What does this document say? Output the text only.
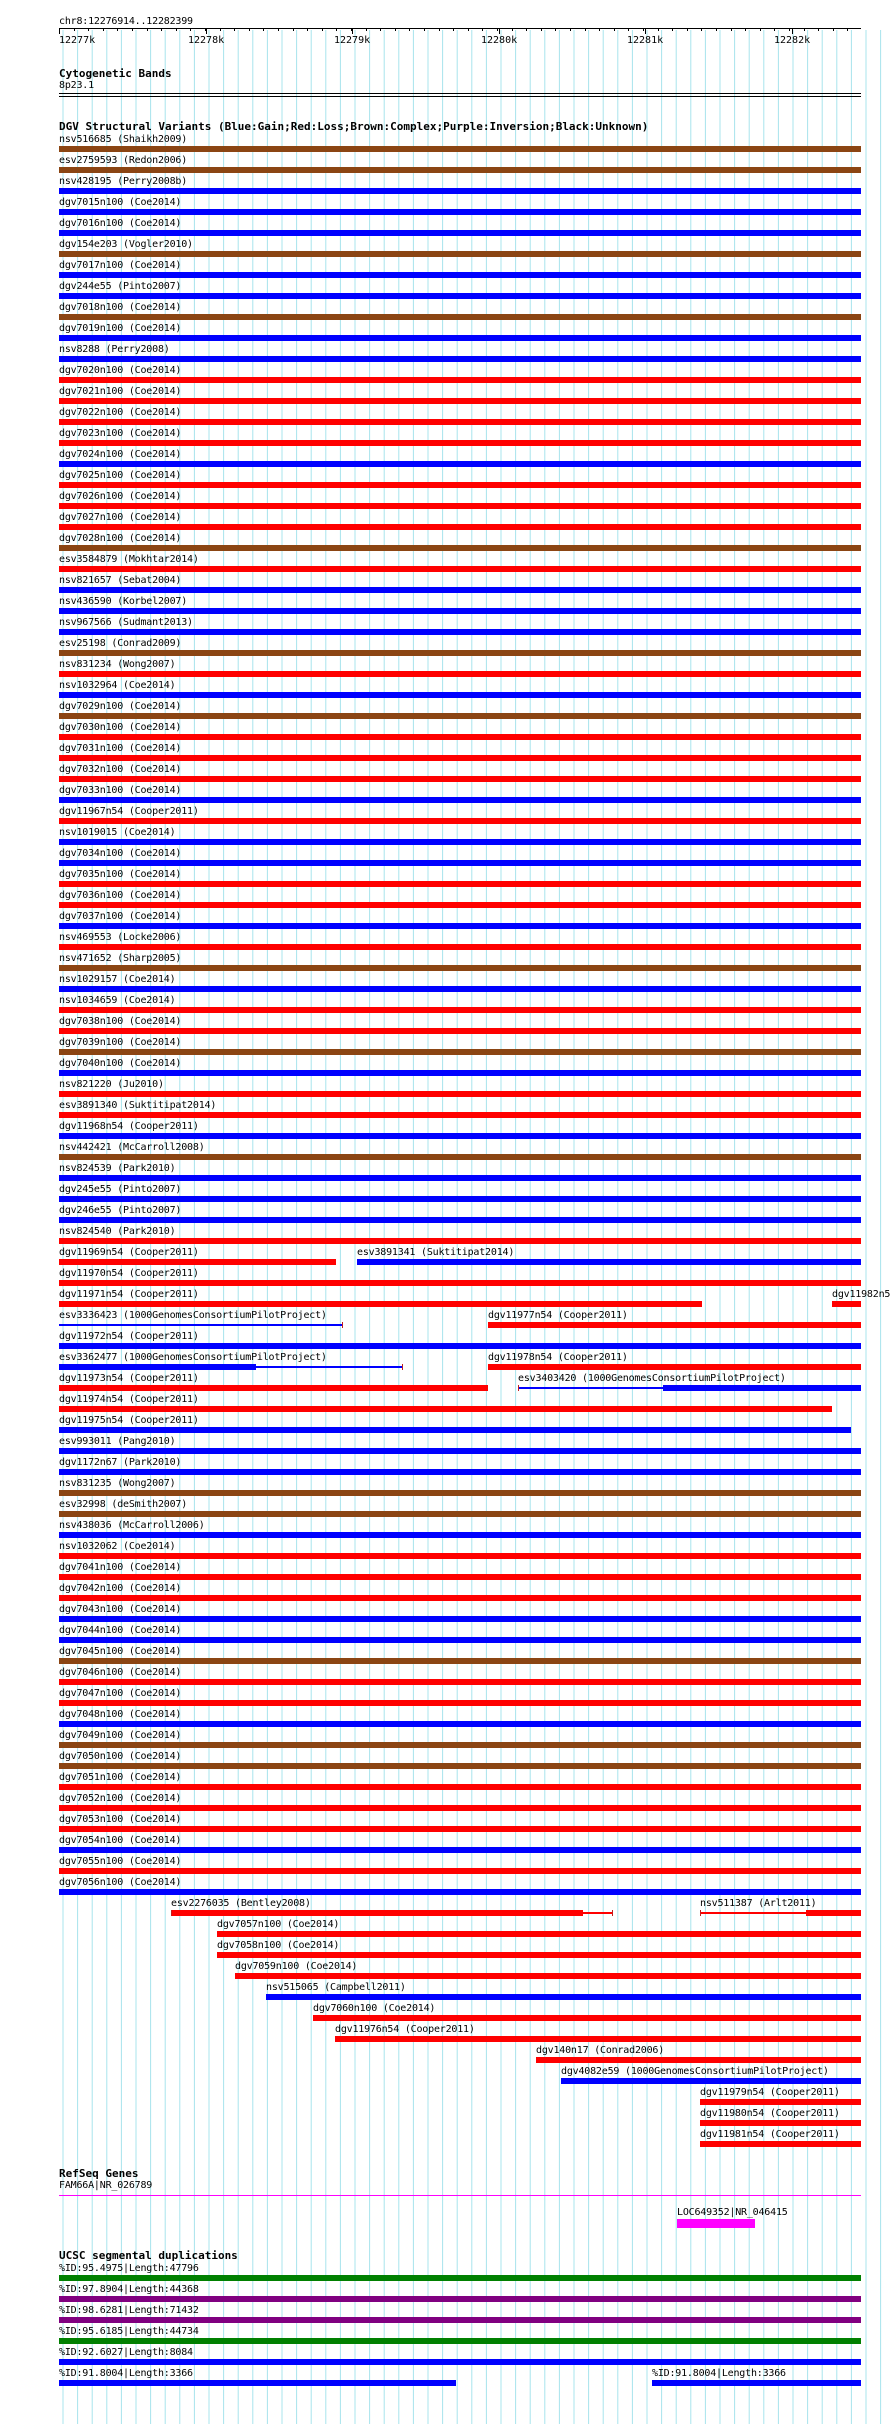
chr8:12276914..12282399
12277k	12278k	12279k	12280k	12281k	12282k
Cytogenetic Bands
8p23.1
DGV Structural Variants (Blue:Gain;Red:Loss;Brown:Complex;Purple:Inversion;Black:Unknown)
nsv516685 (Shaikh2009)
esv2759593 (Redon2006)
nsv428195 (Perry2008b)
dgv7015n100 (Coe2014)
dgv7016n100 (Coe2014)
dgv154e203 (Vogler2010)
dgv7017n100 (Coe2014)
dgv244e55 (Pinto2007)
dgv7018n100 (Coe2014)
dgv7019n100 (Coe2014)
nsv8288 (Perry2008)
dgv7020n100 (Coe2014)
dgv7021n100 (Coe2014)
dgv7022n100 (Coe2014)
dgv7023n100 (Coe2014)
dgv7024n100 (Coe2014)
dgv7025n100 (Coe2014)
dgv7026n100 (Coe2014)
dgv7027n100 (Coe2014)
dgv7028n100 (Coe2014)
esv3584879 (Mokhtar2014)
nsv821657 (Sebat2004)
nsv436590 (Korbel2007)
nsv967566 (Sudmant2013)
esv25198 (Conrad2009)
nsv831234 (Wong2007)
nsv1032964 (Coe2014)
dgv7029n100 (Coe2014)
dgv7030n100 (Coe2014)
dgv7031n100 (Coe2014)
dgv7032n100 (Coe2014)
dgv7033n100 (Coe2014)
dgv11967n54 (Cooper2011)
nsv1019015 (Coe2014)
dgv7034n100 (Coe2014)
dgv7035n100 (Coe2014)
dgv7036n100 (Coe2014)
dgv7037n100 (Coe2014)
nsv469553 (Locke2006)
nsv471652 (Sharp2005)
nsv1029157 (Coe2014)
nsv1034659 (Coe2014)
dgv7038n100 (Coe2014)
dgv7039n100 (Coe2014)
dgv7040n100 (Coe2014)
nsv821220 (Ju2010)
esv3891340 (Suktitipat2014)
dgv11968n54 (Cooper2011)
nsv442421 (McCarroll2008)
nsv824539 (Park2010)
dgv245e55 (Pinto2007)
dgv246e55 (Pinto2007)
nsv824540 (Park2010)
dgv11969n54 (Cooper2011)	esv3891341 (Suktitipat2014)
dgv11970n54 (Cooper2011)
dgv11971n54 (Cooper2011)	dgv11982n5
esv3336423 (1000GenomesConsortiumPilotProject)	dgv11977n54 (Cooper2011)
dgv11972n54 (Cooper2011)
esv3362477 (1000GenomesConsortiumPilotProject)	dgv11978n54 (Cooper2011)
dgv11973n54 (Cooper2011)	esv3403420 (1000GenomesConsortiumPilotProject)
dgv11974n54 (Cooper2011)
dgv11975n54 (Cooper2011)
esv993011 (Pang2010)
dgv1172n67 (Park2010)
nsv831235 (Wong2007)
esv32998 (deSmith2007)
nsv438036 (McCarroll2006)
nsv1032062 (Coe2014)
dgv7041n100 (Coe2014)
dgv7042n100 (Coe2014)
dgv7043n100 (Coe2014)
dgv7044n100 (Coe2014)
dgv7045n100 (Coe2014)
dgv7046n100 (Coe2014)
dgv7047n100 (Coe2014)
dgv7048n100 (Coe2014)
dgv7049n100 (Coe2014)
dgv7050n100 (Coe2014)
dgv7051n100 (Coe2014)
dgv7052n100 (Coe2014)
dgv7053n100 (Coe2014)
dgv7054n100 (Coe2014)
dgv7055n100 (Coe2014)
dgv7056n100 (Coe2014)
esv2276035 (Bentley2008)	nsv511387 (Arlt2011)
dgv7057n100 (Coe2014)
dgv7058n100 (Coe2014)
dgv7059n100 (Coe2014)
nsv515065 (Campbell2011)
dgv7060n100 (Coe2014)
dgv11976n54 (Cooper2011)
dgv140n17 (Conrad2006)
dgv4082e59 (1000GenomesConsortiumPilotProject)
dgv11979n54 (Cooper2011)
dgv11980n54 (Cooper2011)
dgv11981n54 (Cooper2011)
RefSeq Genes
FAM66A|NR_026789
LOC649352|NR_046415
UCSC segmental duplications
%ID:95.4975|Length:47796
%ID:97.8904|Length:44368
%ID:98.6281|Length:71432
%ID:95.6185|Length:44734
%ID:92.6027|Length:8084
%ID:91.8004|Length:3366	%ID:91.8004|Length:3366
